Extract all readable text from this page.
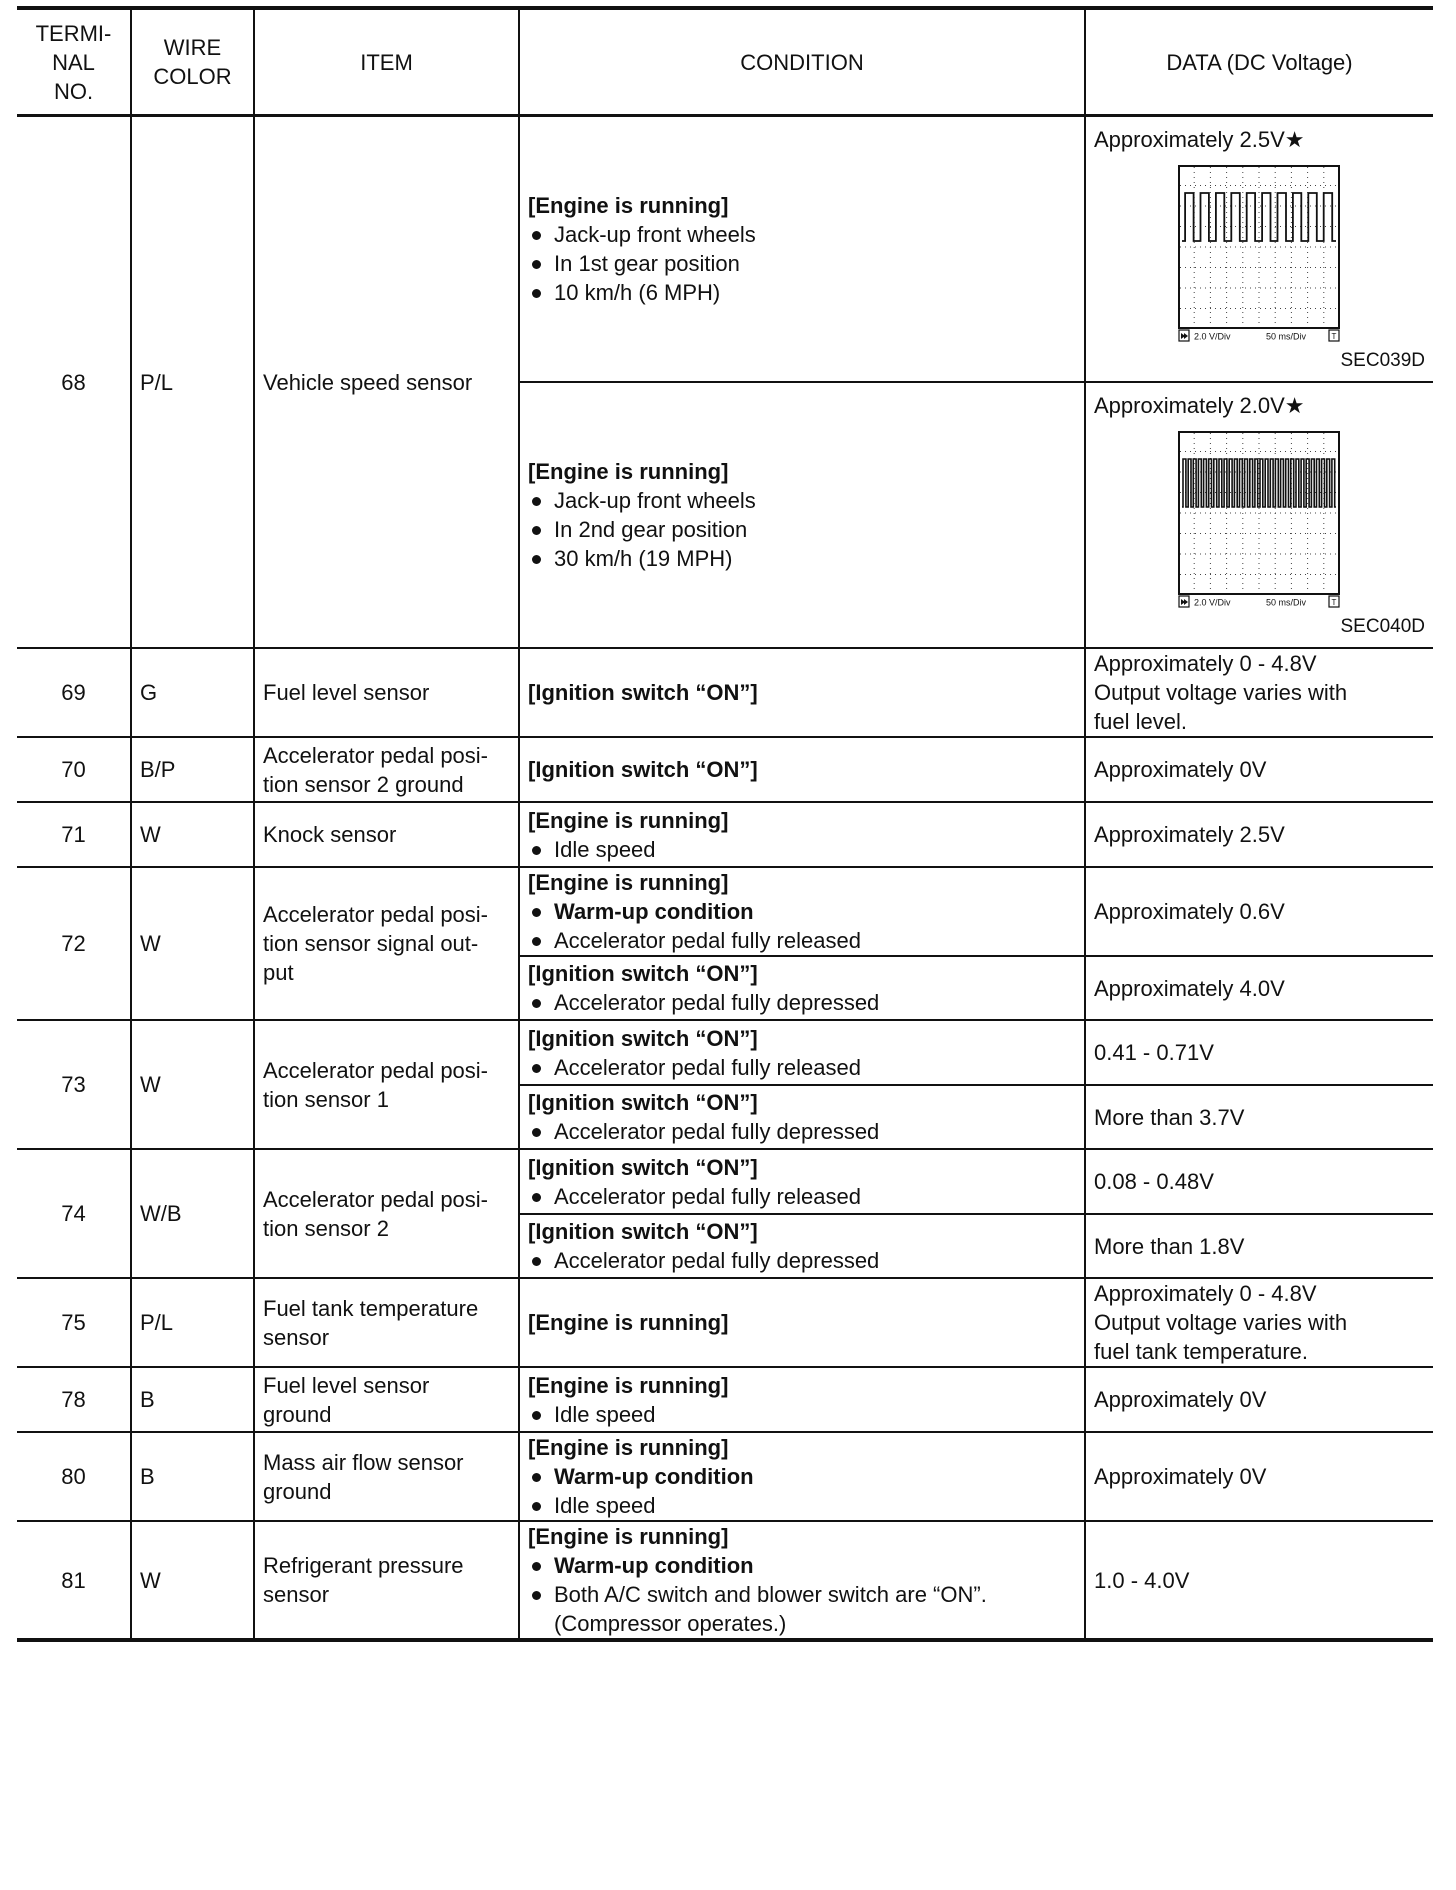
TERMI-
NAL
NO.	WIRE
COLOR	ITEM	CONDITION	DATA (DC Voltage)
68	P/L	Vehicle speed sensor	[Engine is running]
Jack-up front wheels
In 1st gear position
10 km/h (6 MPH)	Approximately 2.5V★
2.0 V/Div 50 ms/Div T
SEC039D

			[Engine is running]
Jack-up front wheels
In 2nd gear position
30 km/h (19 MPH)	Approximately 2.0V★
2.0 V/Div 50 ms/Div T
SEC040D

69	G	Fuel level sensor	[Ignition switch “ON”]	Approximately 0 - 4.8V
Output voltage varies with
fuel level.

70	B/P	Accelerator pedal posi-
tion sensor 2 ground	[Ignition switch “ON”]	Approximately 0V
71	W	Knock sensor	[Engine is running]
Idle speed	Approximately 2.5V
72	W	Accelerator pedal posi-
tion sensor signal out-
put	[Engine is running]
Warm-up condition
Accelerator pedal fully released	Approximately 0.6V

			[Ignition switch “ON”]
Accelerator pedal fully depressed	Approximately 4.0V
73	W	Accelerator pedal posi-
tion sensor 1	[Ignition switch “ON”]
Accelerator pedal fully released	0.41 - 0.71V

			[Ignition switch “ON”]
Accelerator pedal fully depressed	More than 3.7V
74	W/B	Accelerator pedal posi-
tion sensor 2	[Ignition switch “ON”]
Accelerator pedal fully released	0.08 - 0.48V

			[Ignition switch “ON”]
Accelerator pedal fully depressed	More than 1.8V
75	P/L	Fuel tank temperature
sensor	[Engine is running]	Approximately 0 - 4.8V
Output voltage varies with
fuel tank temperature.

78	B	Fuel level sensor
ground	[Engine is running]
Idle speed	Approximately 0V
80	B	Mass air flow sensor
ground	[Engine is running]
Warm-up condition
Idle speed	Approximately 0V
81	W	Refrigerant pressure
sensor	[Engine is running]
Warm-up condition
Both A/C switch and blower switch are “ON”.
(Compressor operates.)	1.0 - 4.0V
